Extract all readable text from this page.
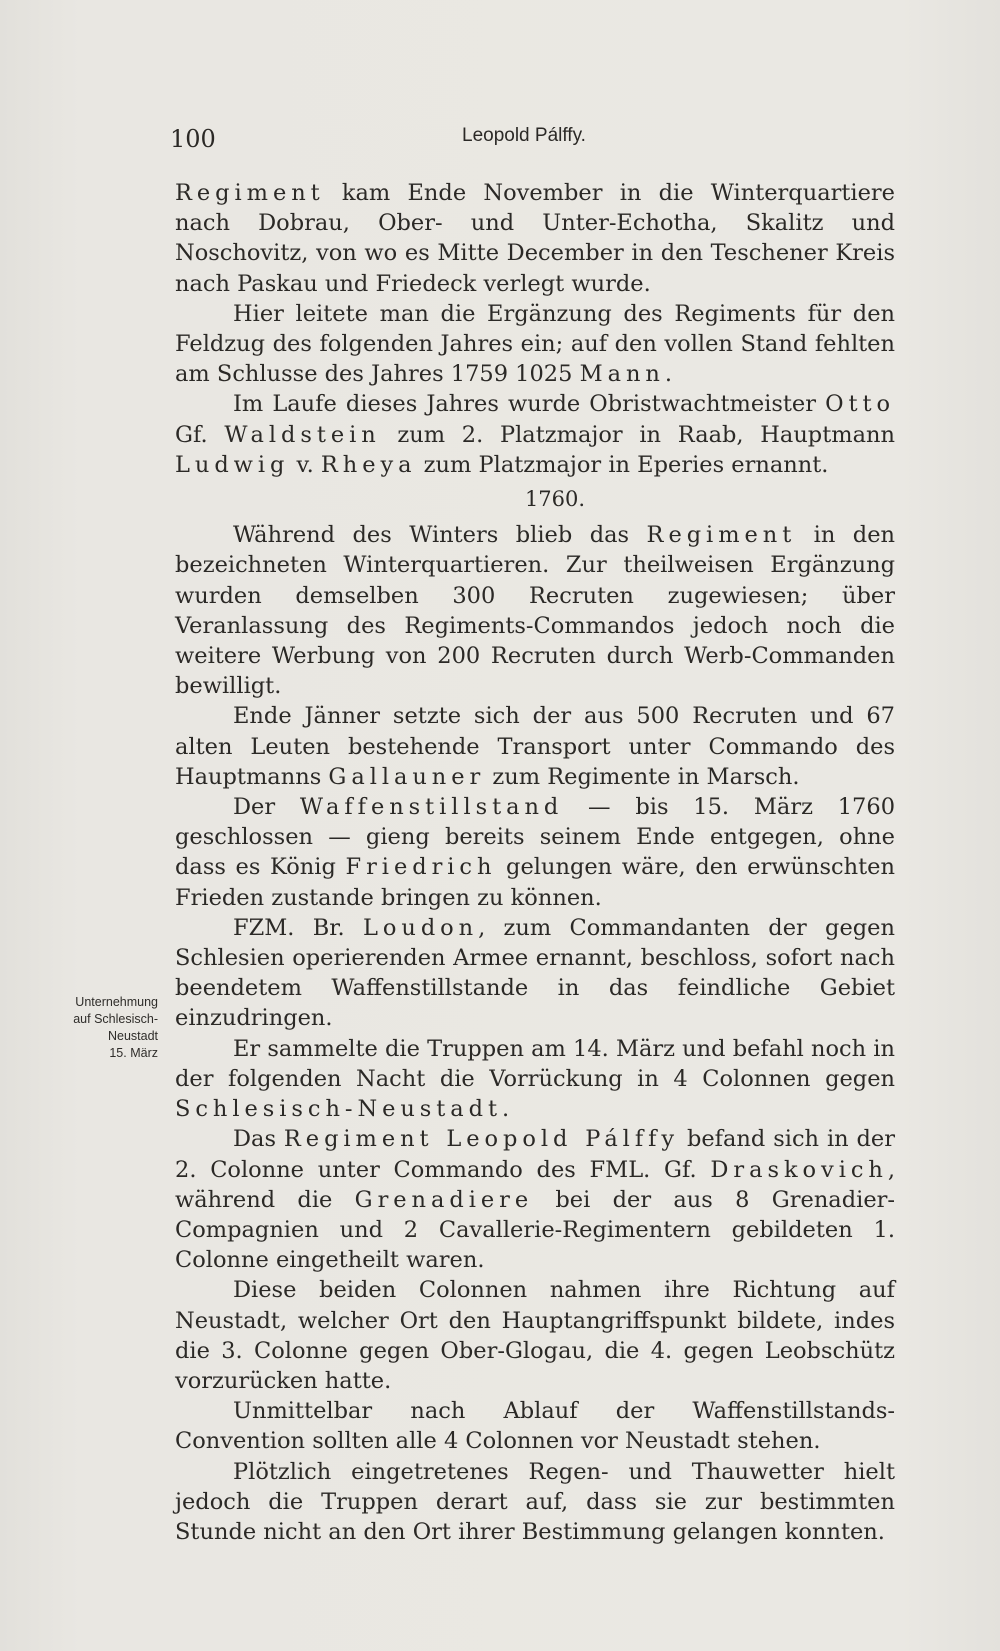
100	Leopold Pálffy.
Unternehmung
auf Schlesisch-
Neustadt
15. März

Regiment kam Ende November in die Winterquartiere nach Dobrau, Ober- und Unter-Echotha, Skalitz und Noschovitz, von wo es Mitte December in den Teschener Kreis nach Paskau und Friedeck verlegt wurde.

Hier leitete man die Ergänzung des Regiments für den Feldzug des folgenden Jahres ein; auf den vollen Stand fehlten am Schlusse des Jahres 1759 1025 Mann.

Im Laufe dieses Jahres wurde Obristwachtmeister Otto Gf. Waldstein zum 2. Platzmajor in Raab, Hauptmann Ludwig v. Rheya zum Platzmajor in Eperies ernannt.

1760.

Während des Winters blieb das Regiment in den bezeichneten Winterquartieren. Zur theilweisen Ergänzung wurden demselben 300 Recruten zugewiesen; über Veranlassung des Regiments-Commandos jedoch noch die weitere Werbung von 200 Recruten durch Werb-Commanden bewilligt.

Ende Jänner setzte sich der aus 500 Recruten und 67 alten Leuten bestehende Transport unter Commando des Hauptmanns Gallauner zum Regimente in Marsch.

Der Waffenstillstand — bis 15. März 1760 geschlossen — gieng bereits seinem Ende entgegen, ohne dass es König Friedrich gelungen wäre, den erwünschten Frieden zustande bringen zu können.

FZM. Br. Loudon, zum Commandanten der gegen Schlesien operierenden Armee ernannt, beschloss, sofort nach beendetem Waffenstillstande in das feindliche Gebiet einzudringen.

Er sammelte die Truppen am 14. März und befahl noch in der folgenden Nacht die Vorrückung in 4 Colonnen gegen Schlesisch-Neustadt.

Das Regiment Leopold Pálffy befand sich in der 2. Colonne unter Commando des FML. Gf. Draskovich, während die Grenadiere bei der aus 8 Grenadier-Compagnien und 2 Cavallerie-Regimentern gebildeten 1. Colonne eingetheilt waren.

Diese beiden Colonnen nahmen ihre Richtung auf Neustadt, welcher Ort den Hauptangriffspunkt bildete, indes die 3. Colonne gegen Ober-Glogau, die 4. gegen Leobschütz vorzurücken hatte.

Unmittelbar nach Ablauf der Waffenstillstands-Convention sollten alle 4 Colonnen vor Neustadt stehen.

Plötzlich eingetretenes Regen- und Thauwetter hielt jedoch die Truppen derart auf, dass sie zur bestimmten Stunde nicht an den Ort ihrer Bestimmung gelangen konnten.
